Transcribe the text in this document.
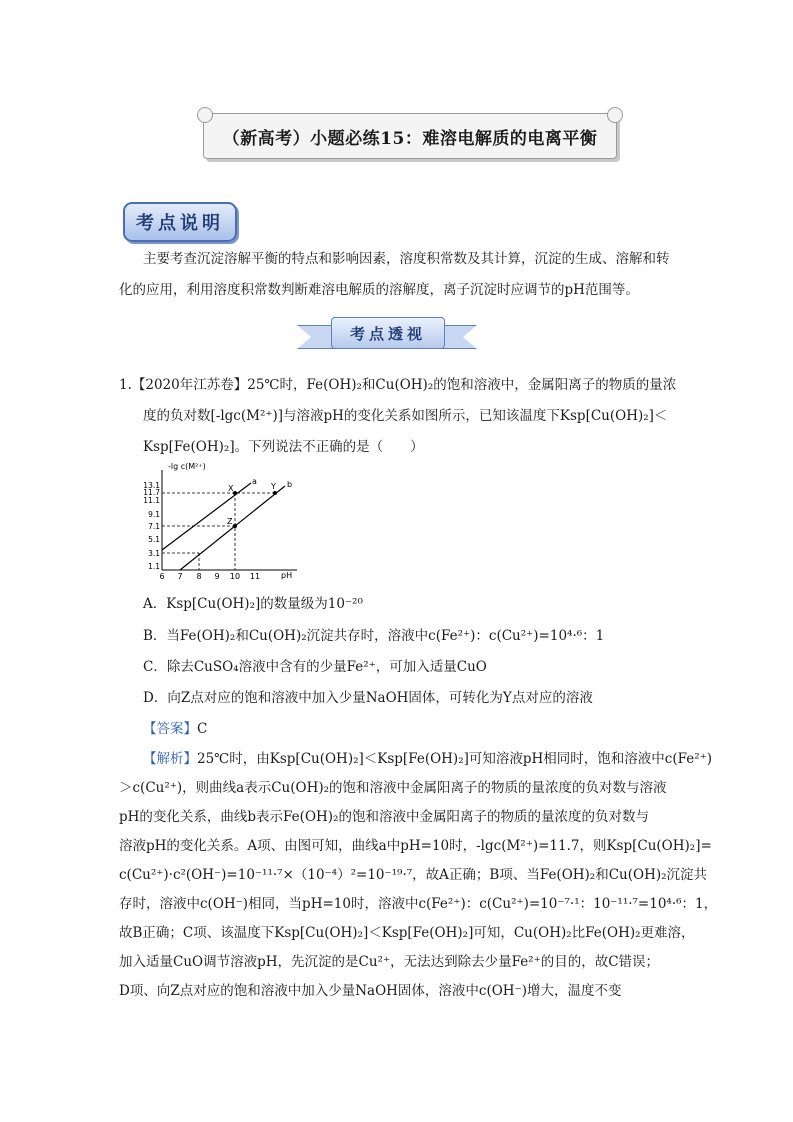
（新高考）小题必练15：难溶电解质的电离平衡
考点说明
主要考查沉淀溶解平衡的特点和影响因素，溶度积常数及其计算，沉淀的生成、溶解和转化的应用，利用溶度积常数判断难溶电解质的溶解度，离子沉淀时应调节的pH范围等。
考点透视
1.【2020年江苏卷】25℃时，Fe(OH)₂和Cu(OH)₂的饱和溶液中，金属阳离子的物质的量浓
度的负对数[-lgc(M²⁺)]与溶液pH的变化关系如图所示，已知该温度下Ksp[Cu(OH)₂]＜
Ksp[Fe(OH)₂]。下列说法不正确的是（　　）
-lg c(M²⁺)
pH
13.1
11.7
11.1
9.1
7.1
5.1
3.1
1.1
6 7 8 9 10 11
a	b
X	Y
Z
A．Ksp[Cu(OH)₂]的数量级为10⁻²⁰
B．当Fe(OH)₂和Cu(OH)₂沉淀共存时，溶液中c(Fe²⁺)：c(Cu²⁺)=10⁴·⁶：1
C．除去CuSO₄溶液中含有的少量Fe²⁺，可加入适量CuO
D．向Z点对应的饱和溶液中加入少量NaOH固体，可转化为Y点对应的溶液
【答案】C

【解析】25℃时，由Ksp[Cu(OH)₂]＜Ksp[Fe(OH)₂]可知溶液pH相同时，饱和溶液中c(Fe²⁺)

＞c(Cu²⁺)，则曲线a表示Cu(OH)₂的饱和溶液中金属阳离子的物质的量浓度的负对数与溶液

pH的变化关系，曲线b表示Fe(OH)₂的饱和溶液中金属阳离子的物质的量浓度的负对数与

溶液pH的变化关系。A项、由图可知，曲线a中pH=10时，-lgc(M²⁺)=11.7，则Ksp[Cu(OH)₂]=

c(Cu²⁺)·c²(OH⁻)=10⁻¹¹·⁷×（10⁻⁴）²=10⁻¹⁹·⁷，故A正确；B项、当Fe(OH)₂和Cu(OH)₂沉淀共

存时，溶液中c(OH⁻)相同，当pH=10时，溶液中c(Fe²⁺)：c(Cu²⁺)=10⁻⁷·¹：10⁻¹¹·⁷=10⁴·⁶：1，

故B正确；C项、该温度下Ksp[Cu(OH)₂]＜Ksp[Fe(OH)₂]可知，Cu(OH)₂比Fe(OH)₂更难溶，

加入适量CuO调节溶液pH，先沉淀的是Cu²⁺，无法达到除去少量Fe²⁺的目的，故C错误；

D项、向Z点对应的饱和溶液中加入少量NaOH固体，溶液中c(OH⁻)增大，温度不变
